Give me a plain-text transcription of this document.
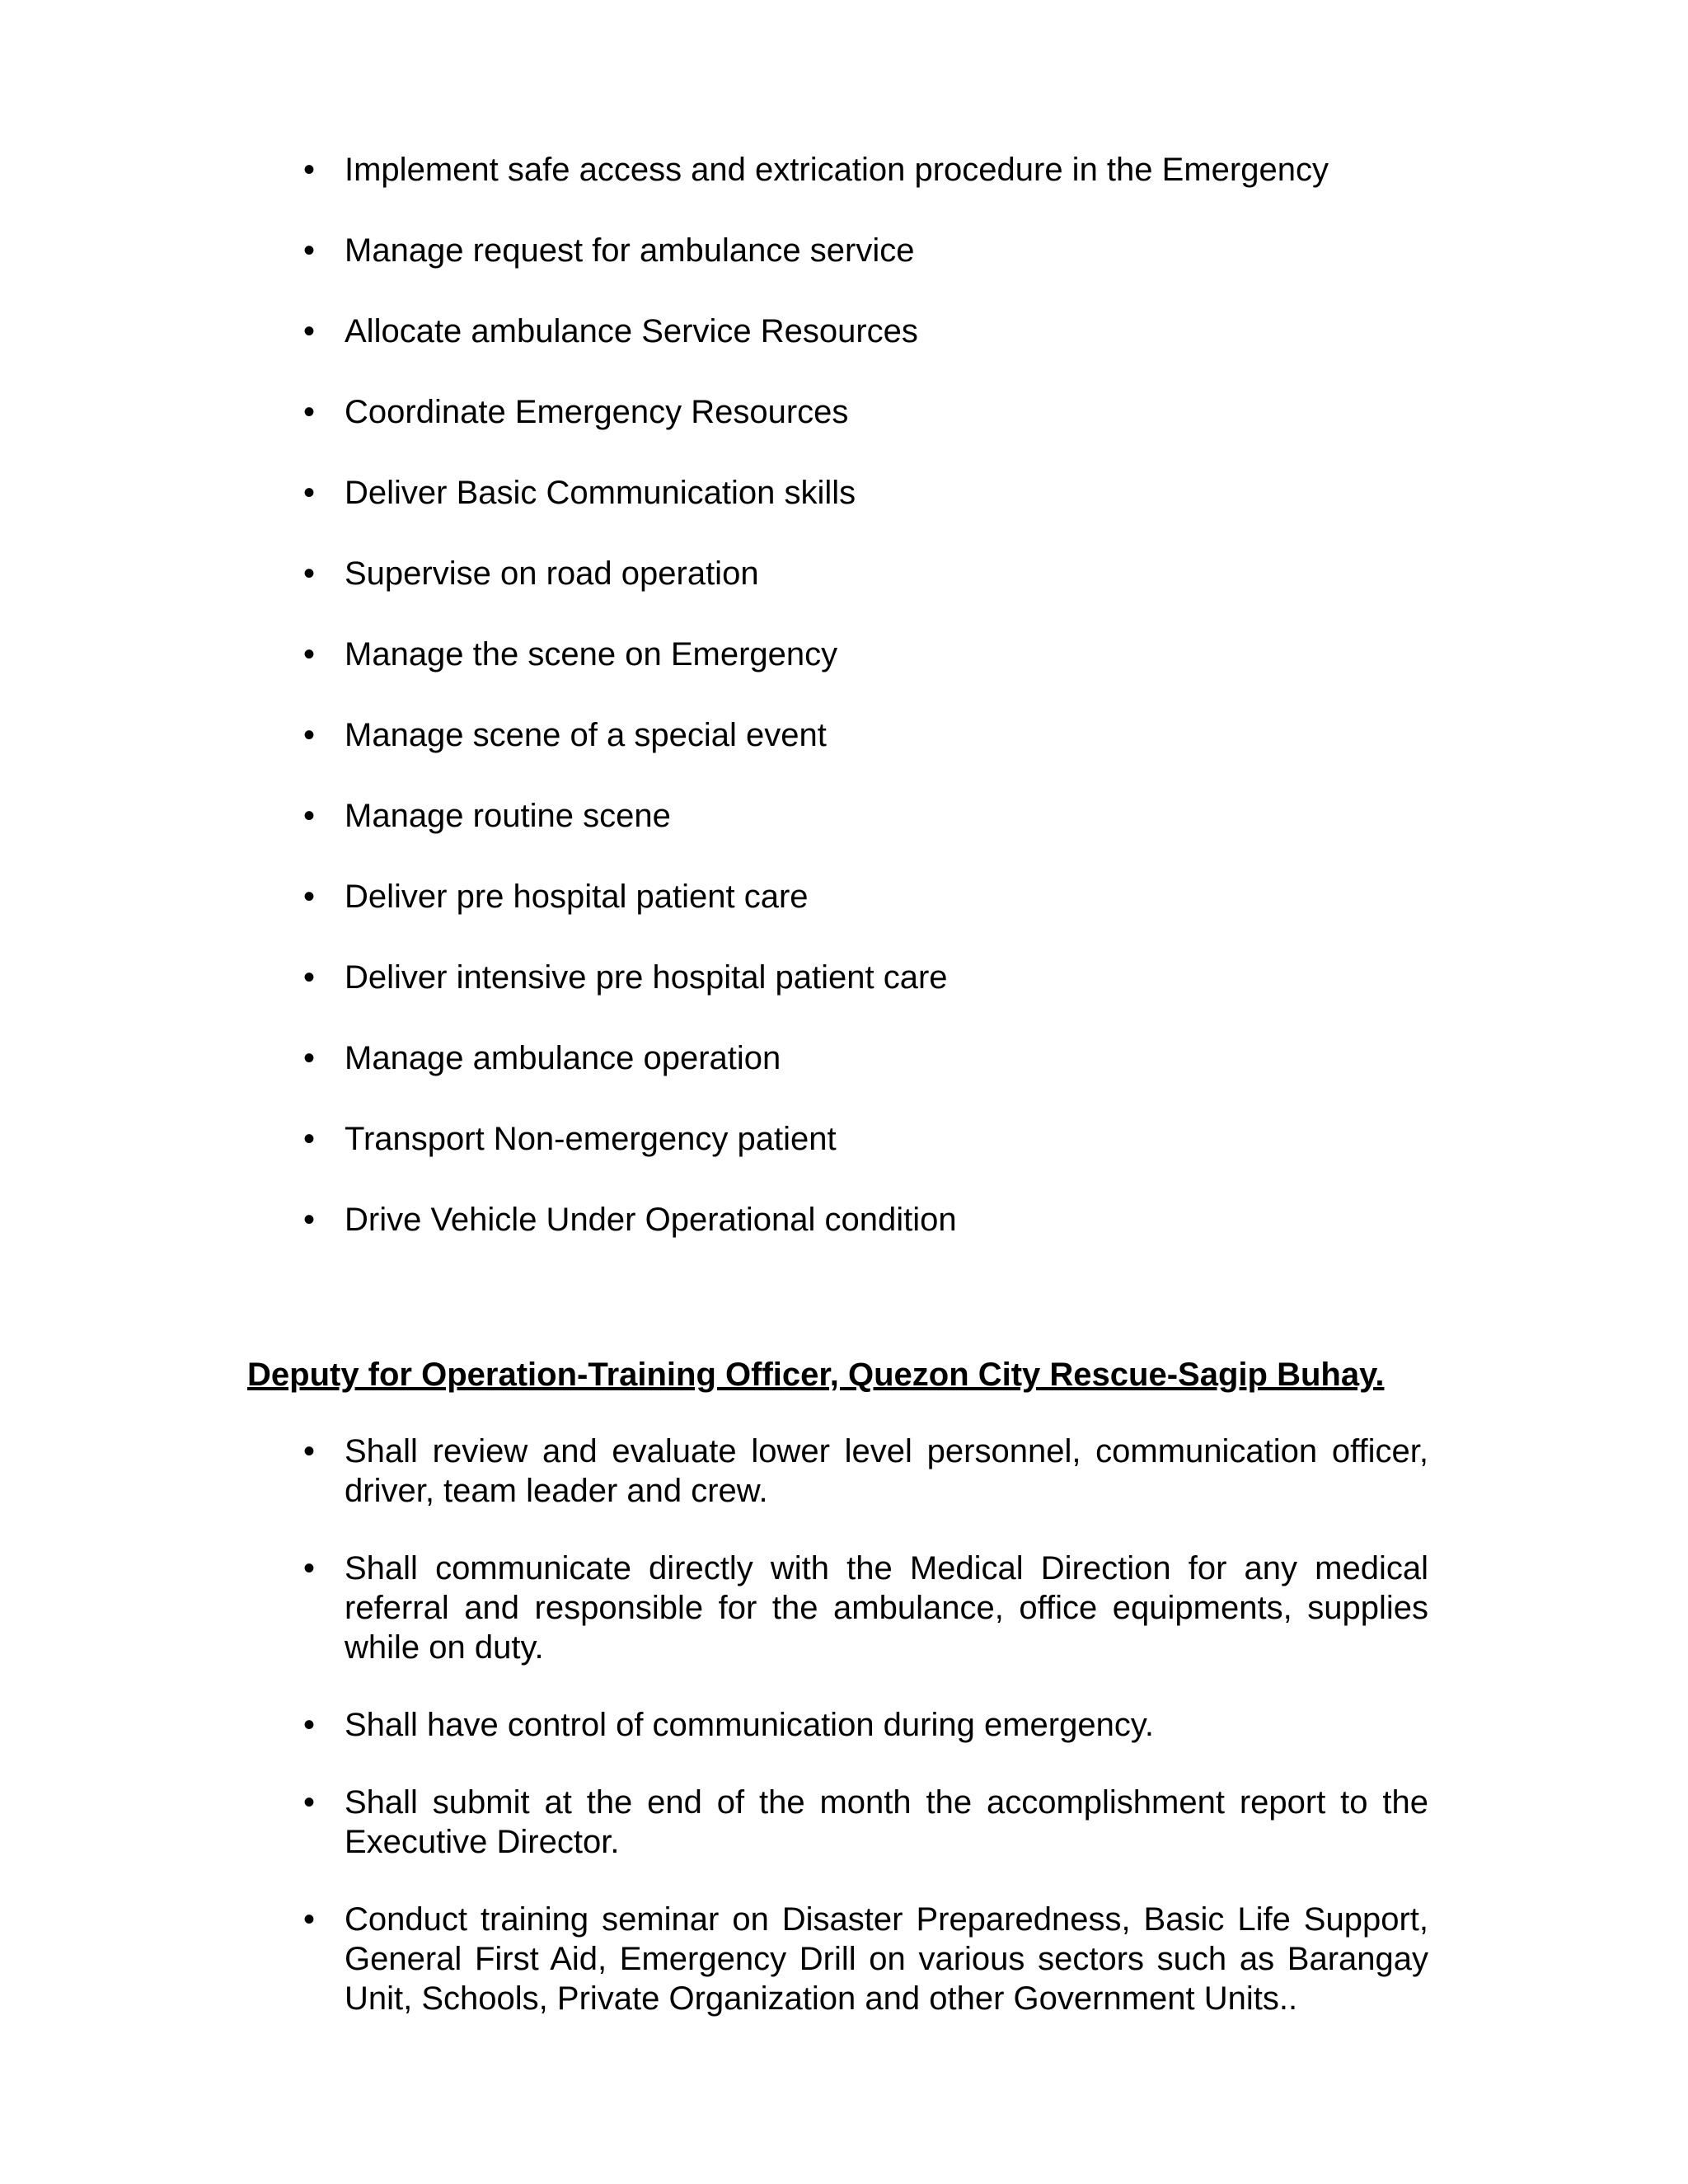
• Implement safe access and extrication procedure in the Emergency
• Manage request for ambulance service
• Allocate ambulance Service Resources
• Coordinate Emergency Resources
• Deliver Basic Communication skills
• Supervise on road operation
• Manage the scene on Emergency
• Manage scene of a special event
• Manage routine scene
• Deliver pre hospital patient care
• Deliver intensive pre hospital patient care
• Manage ambulance operation
• Transport Non-emergency patient
• Drive Vehicle Under Operational condition
Deputy for Operation-Training Officer, Quezon City Rescue-Sagip Buhay.
• Shall review and evaluate lower level personnel, communication officer, driver, team leader and crew.
• Shall communicate directly with the Medical Direction for any medical referral and responsible for the ambulance, office equipments, supplies while on duty.
• Shall have control of communication during emergency.
• Shall submit at the end of the month the accomplishment report to the Executive Director.
• Conduct training seminar on Disaster Preparedness, Basic Life Support, General First Aid, Emergency Drill on various sectors such as Barangay Unit, Schools, Private Organization and other Government Units..
